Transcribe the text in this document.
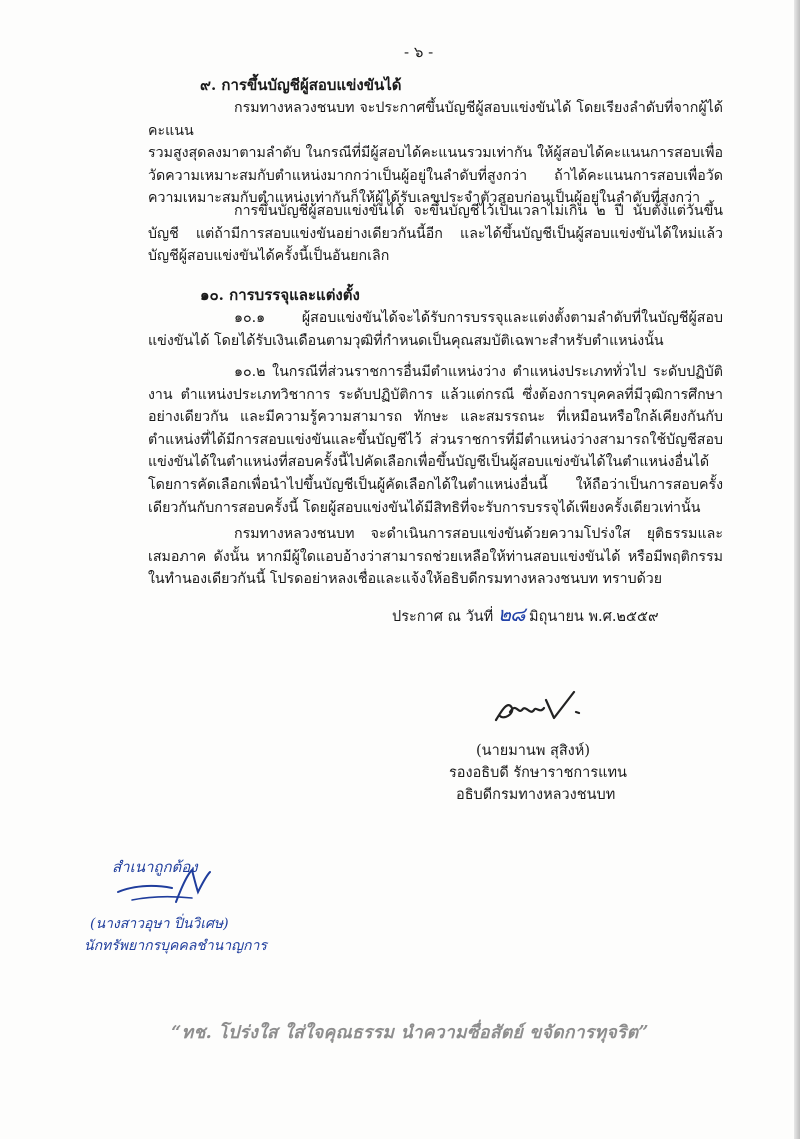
- ๖ -
๙. การขึ้นบัญชีผู้สอบแข่งขันได้
กรมทางหลวงชนบท จะประกาศขึ้นบัญชีผู้สอบแข่งขันได้ โดยเรียงลำดับที่จากผู้ได้คะแนน
รวมสูงสุดลงมาตามลำดับ ในกรณีที่มีผู้สอบได้คะแนนรวมเท่ากัน ให้ผู้สอบได้คะแนนการสอบเพื่อวัดความเหมาะสมกับตำแหน่งมากกว่าเป็นผู้อยู่ในลำดับที่สูงกว่า ถ้าได้คะแนนการสอบเพื่อวัดความเหมาะสมกับตำแหน่งเท่ากันก็ให้ผู้ได้รับเลขประจำตัวสอบก่อนเป็นผู้อยู่ในลำดับที่สูงกว่า
การขึ้นบัญชีผู้สอบแข่งขันได้ จะขึ้นบัญชีไว้เป็นเวลาไม่เกิน ๒ ปี นับตั้งแต่วันขึ้นบัญชี แต่ถ้ามีการสอบแข่งขันอย่างเดียวกันนี้อีก และได้ขึ้นบัญชีเป็นผู้สอบแข่งขันได้ใหม่แล้ว บัญชีผู้สอบแข่งขันได้ครั้งนี้เป็นอันยกเลิก
๑๐. การบรรจุและแต่งตั้ง
๑๐.๑ ผู้สอบแข่งขันได้จะได้รับการบรรจุและแต่งตั้งตามลำดับที่ในบัญชีผู้สอบแข่งขันได้ โดยได้รับเงินเดือนตามวุฒิที่กำหนดเป็นคุณสมบัติเฉพาะสำหรับตำแหน่งนั้น
๑๐.๒ ในกรณีที่ส่วนราชการอื่นมีตำแหน่งว่าง ตำแหน่งประเภททั่วไป ระดับปฏิบัติงาน ตำแหน่งประเภทวิชาการ ระดับปฏิบัติการ แล้วแต่กรณี ซึ่งต้องการบุคคลที่มีวุฒิการศึกษาอย่างเดียวกัน และมีความรู้ความสามารถ ทักษะ และสมรรถนะ ที่เหมือนหรือใกล้เคียงกันกับตำแหน่งที่ได้มีการสอบแข่งขันและขึ้นบัญชีไว้ ส่วนราชการที่มีตำแหน่งว่างสามารถใช้บัญชีสอบแข่งขันได้ในตำแหน่งที่สอบครั้งนี้ไปคัดเลือกเพื่อขึ้นบัญชีเป็นผู้สอบแข่งขันได้ในตำแหน่งอื่นได้ โดยการคัดเลือกเพื่อนำไปขึ้นบัญชีเป็นผู้คัดเลือกได้ในตำแหน่งอื่นนี้ ให้ถือว่าเป็นการสอบครั้งเดียวกันกับการสอบครั้งนี้ โดยผู้สอบแข่งขันได้มีสิทธิที่จะรับการบรรจุได้เพียงครั้งเดียวเท่านั้น
กรมทางหลวงชนบท จะดำเนินการสอบแข่งขันด้วยความโปร่งใส ยุติธรรมและเสมอภาค ดังนั้น หากมีผู้ใดแอบอ้างว่าสามารถช่วยเหลือให้ท่านสอบแข่งขันได้ หรือมีพฤติกรรมในทำนองเดียวกันนี้ โปรดอย่าหลงเชื่อและแจ้งให้อธิบดีกรมทางหลวงชนบท ทราบด้วย
ประกาศ ณ วันที่ ๒๘ มิถุนายน พ.ศ.๒๕๕๙
(นายมานพ สุสิงห์)
รองอธิบดี รักษาราชการแทน
อธิบดีกรมทางหลวงชนบท
สำเนาถูกต้อง
(นางสาวอุษา ปิ่นวิเศษ)
นักทรัพยากรบุคคลชำนาญการ
“ทช. โปร่งใส ใส่ใจคุณธรรม นำความซื่อสัตย์ ขจัดการทุจริต”
